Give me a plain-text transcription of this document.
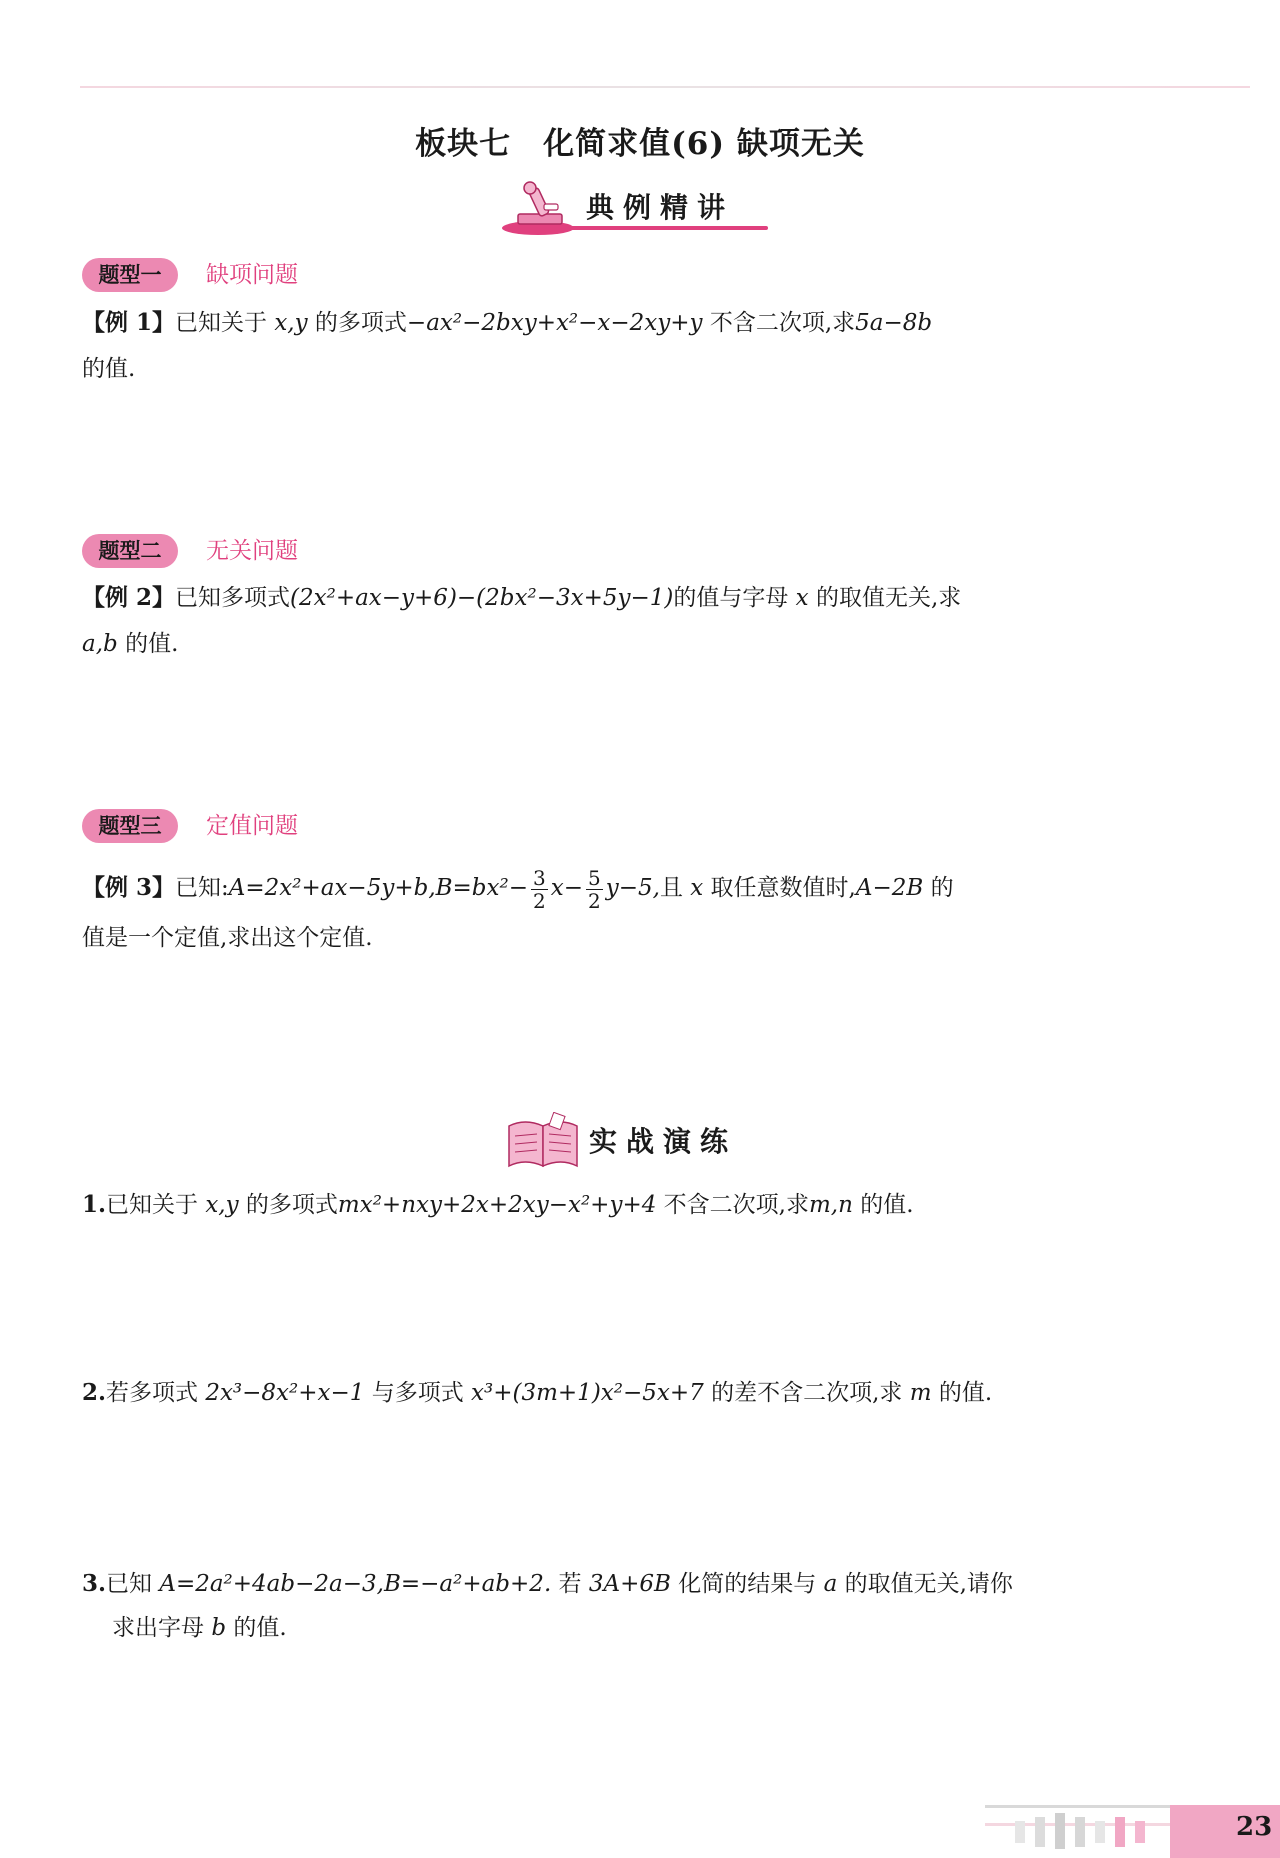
板块七　化简求值(6) 缺项无关
典例精讲
题型一	缺项问题
【例 1】已知关于 x,y 的多项式−ax²−2bxy+x²−x−2xy+y 不含二次项,求5a−8b
的值.
题型二	无关问题
【例 2】已知多项式(2x²+ax−y+6)−(2bx²−3x+5y−1)的值与字母 x 的取值无关,求
a,b 的值.
题型三	定值问题
【例 3】已知:A=2x²+ax−5y+b,B=bx²− $\frac{3}{2} x- \frac{5}{2} y-5$,且 x 取任意数值时,A−2B 的
值是一个定值,求出这个定值.
实战演练
1.已知关于 x,y 的多项式mx²+nxy+2x+2xy−x²+y+4 不含二次项,求m,n 的值.
2.若多项式 2x³−8x²+x−1 与多项式 x³+(3m+1)x²−5x+7 的差不含二次项,求 m 的值.
3.已知 A=2a²+4ab−2a−3,B=−a²+ab+2. 若 3A+6B 化简的结果与 a 的取值无关,请你
求出字母 b 的值.
23
